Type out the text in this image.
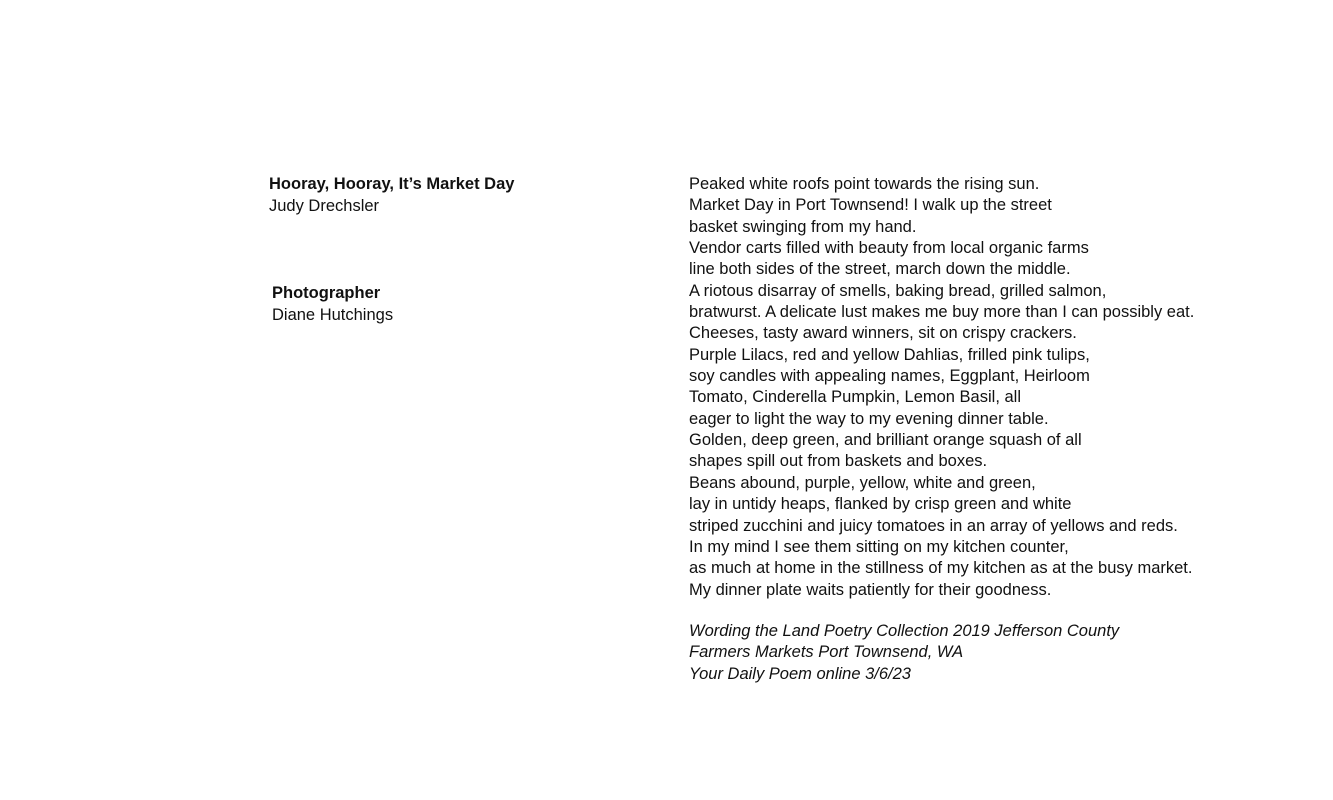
Hooray, Hooray, It’s Market Day
Judy Drechsler
Photographer
Diane Hutchings
Peaked white roofs point towards the rising sun.
Market Day in Port Townsend! I walk up the street
basket swinging from my hand.
Vendor carts filled with beauty from local organic farms
line both sides of the street, march down the middle.
A riotous disarray of smells, baking bread, grilled salmon,
bratwurst. A delicate lust makes me buy more than I can possibly eat.
Cheeses, tasty award winners, sit on crispy crackers.
Purple Lilacs, red and yellow Dahlias, frilled pink tulips,
soy candles with appealing names, Eggplant, Heirloom
Tomato, Cinderella Pumpkin, Lemon Basil, all
eager to light the way to my evening dinner table.
Golden, deep green, and brilliant orange squash of all
shapes spill out from baskets and boxes.
Beans abound, purple, yellow, white and green,
lay in untidy heaps, flanked by crisp green and white
striped zucchini and juicy tomatoes in an array of yellows and reds.
In my mind I see them sitting on my kitchen counter,
as much at home in the stillness of my kitchen as at the busy market.
My dinner plate waits patiently for their goodness.
Wording the Land Poetry Collection 2019 Jefferson County
Farmers Markets Port Townsend, WA
Your Daily Poem online 3/6/23
